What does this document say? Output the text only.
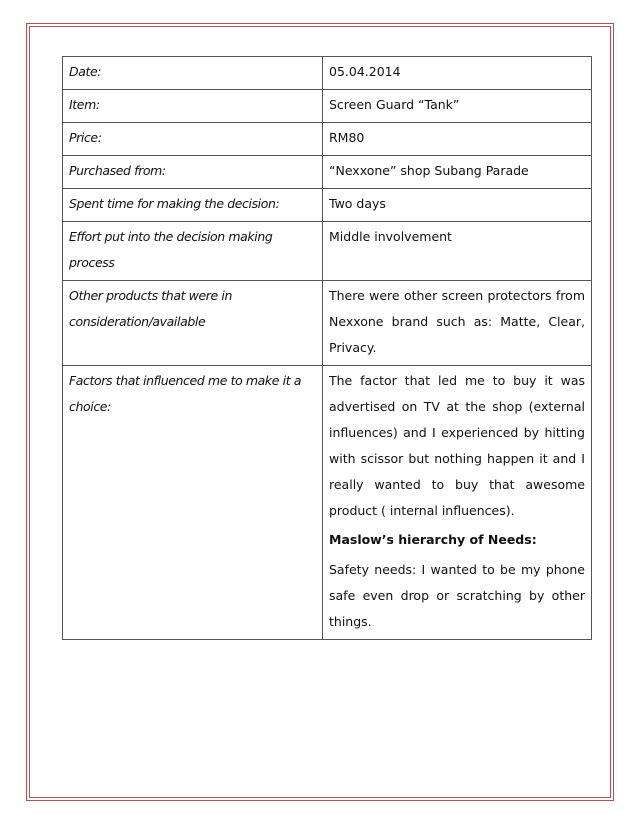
Date:	05.04.2014
Item:	Screen Guard “Tank”
Price:	RM80
Purchased from:	“Nexxone” shop Subang Parade
Spent time for making the decision:	Two days
Effort put into the decision making process	Middle involvement
Other products that were in consideration/available	There were other screen protectors from Nexxone brand such as: Matte, Clear, Privacy.
Factors that influenced me to make it a choice:	The factor that led me to buy it was advertised on TV at the shop (external influences) and I experienced by hitting with scissor but nothing happen it and I really wanted to buy that awesome product ( internal influences).
Maslow’s hierarchy of Needs:
Safety needs: I wanted to be my phone safe even drop or scratching by other things.
